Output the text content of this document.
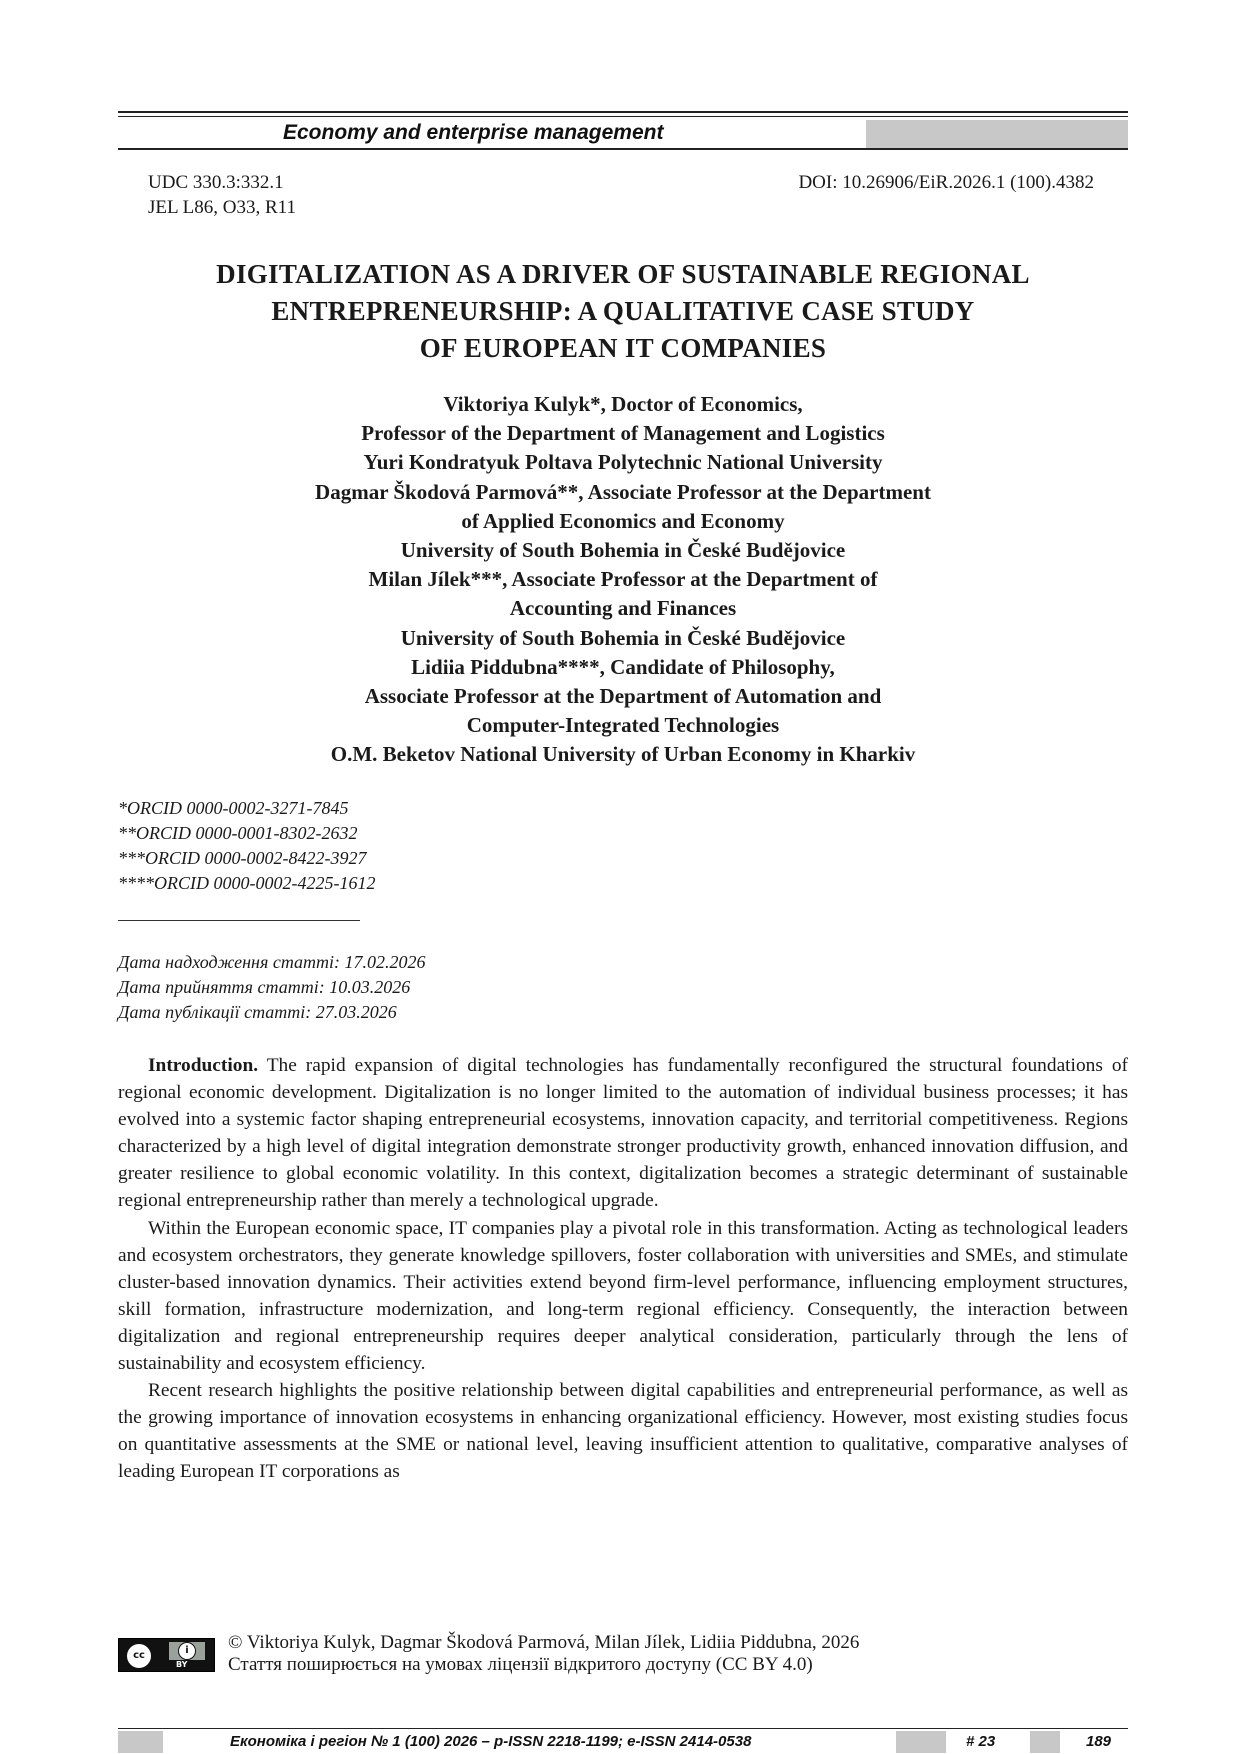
Economy and enterprise management
UDC 330.3:332.1
JEL L86, O33, R11
DOI: 10.26906/EiR.2026.1 (100).4382
DIGITALIZATION AS A DRIVER OF SUSTAINABLE REGIONAL
ENTREPRENEURSHIP: A QUALITATIVE CASE STUDY
OF EUROPEAN IT COMPANIES
Viktoriya Kulyk*, Doctor of Economics,
Professor of the Department of Management and Logistics
Yuri Kondratyuk Poltava Polytechnic National University
Dagmar Škodová Parmová**, Associate Professor at the Department
of Applied Economics and Economy
University of South Bohemia in České Budějovice
Milan Jílek***, Associate Professor at the Department of
Accounting and Finances
University of South Bohemia in České Budějovice
Lidiia Piddubna****, Candidate of Philosophy,
Associate Professor at the Department of Automation and
Computer-Integrated Technologies
O.M. Beketov National University of Urban Economy in Kharkiv
*ORCID 0000-0002-3271-7845
**ORCID 0000-0001-8302-2632
***ORCID 0000-0002-8422-3927
****ORCID 0000-0002-4225-1612
Дата надходження статті: 17.02.2026
Дата прийняття статті: 10.03.2026
Дата публікації статті: 27.03.2026

Introduction. The rapid expansion of digital technologies has fundamentally reconfigured the structural foundations of regional economic development. Digitalization is no longer limited to the automation of individual business processes; it has evolved into a systemic factor shaping entrepreneurial ecosystems, innovation capacity, and territorial competitiveness. Regions characterized by a high level of digital integration demonstrate stronger productivity growth, enhanced innovation diffusion, and greater resilience to global economic volatility. In this context, digitalization becomes a strategic determinant of sustainable regional entrepreneurship rather than merely a technological upgrade.

Within the European economic space, IT companies play a pivotal role in this transformation. Acting as technological leaders and ecosystem orchestrators, they generate knowledge spillovers, foster collaboration with universities and SMEs, and stimulate cluster-based innovation dynamics. Their activities extend beyond firm-level performance, influencing employment structures, skill formation, infrastructure modernization, and long-term regional efficiency. Consequently, the interaction between digitalization and regional entrepreneurship requires deeper analytical consideration, particularly through the lens of sustainability and ecosystem efficiency.

Recent research highlights the positive relationship between digital capabilities and entrepreneurial performance, as well as the growing importance of innovation ecosystems in enhancing organizational efficiency. However, most existing studies focus on quantitative assessments at the SME or national level, leaving insufficient attention to qualitative, comparative analyses of leading European IT corporations as

cc	i
BY
© Viktoriya Kulyk, Dagmar Škodová Parmová, Milan Jílek, Lidiia Piddubna, 2026
Стаття поширюється на умовах ліцензії відкритого доступу (CC BY 4.0)
Економіка і регіон № 1 (100) 2026 – p-ISSN 2218-1199; e-ISSN 2414-0538	# 23	189
